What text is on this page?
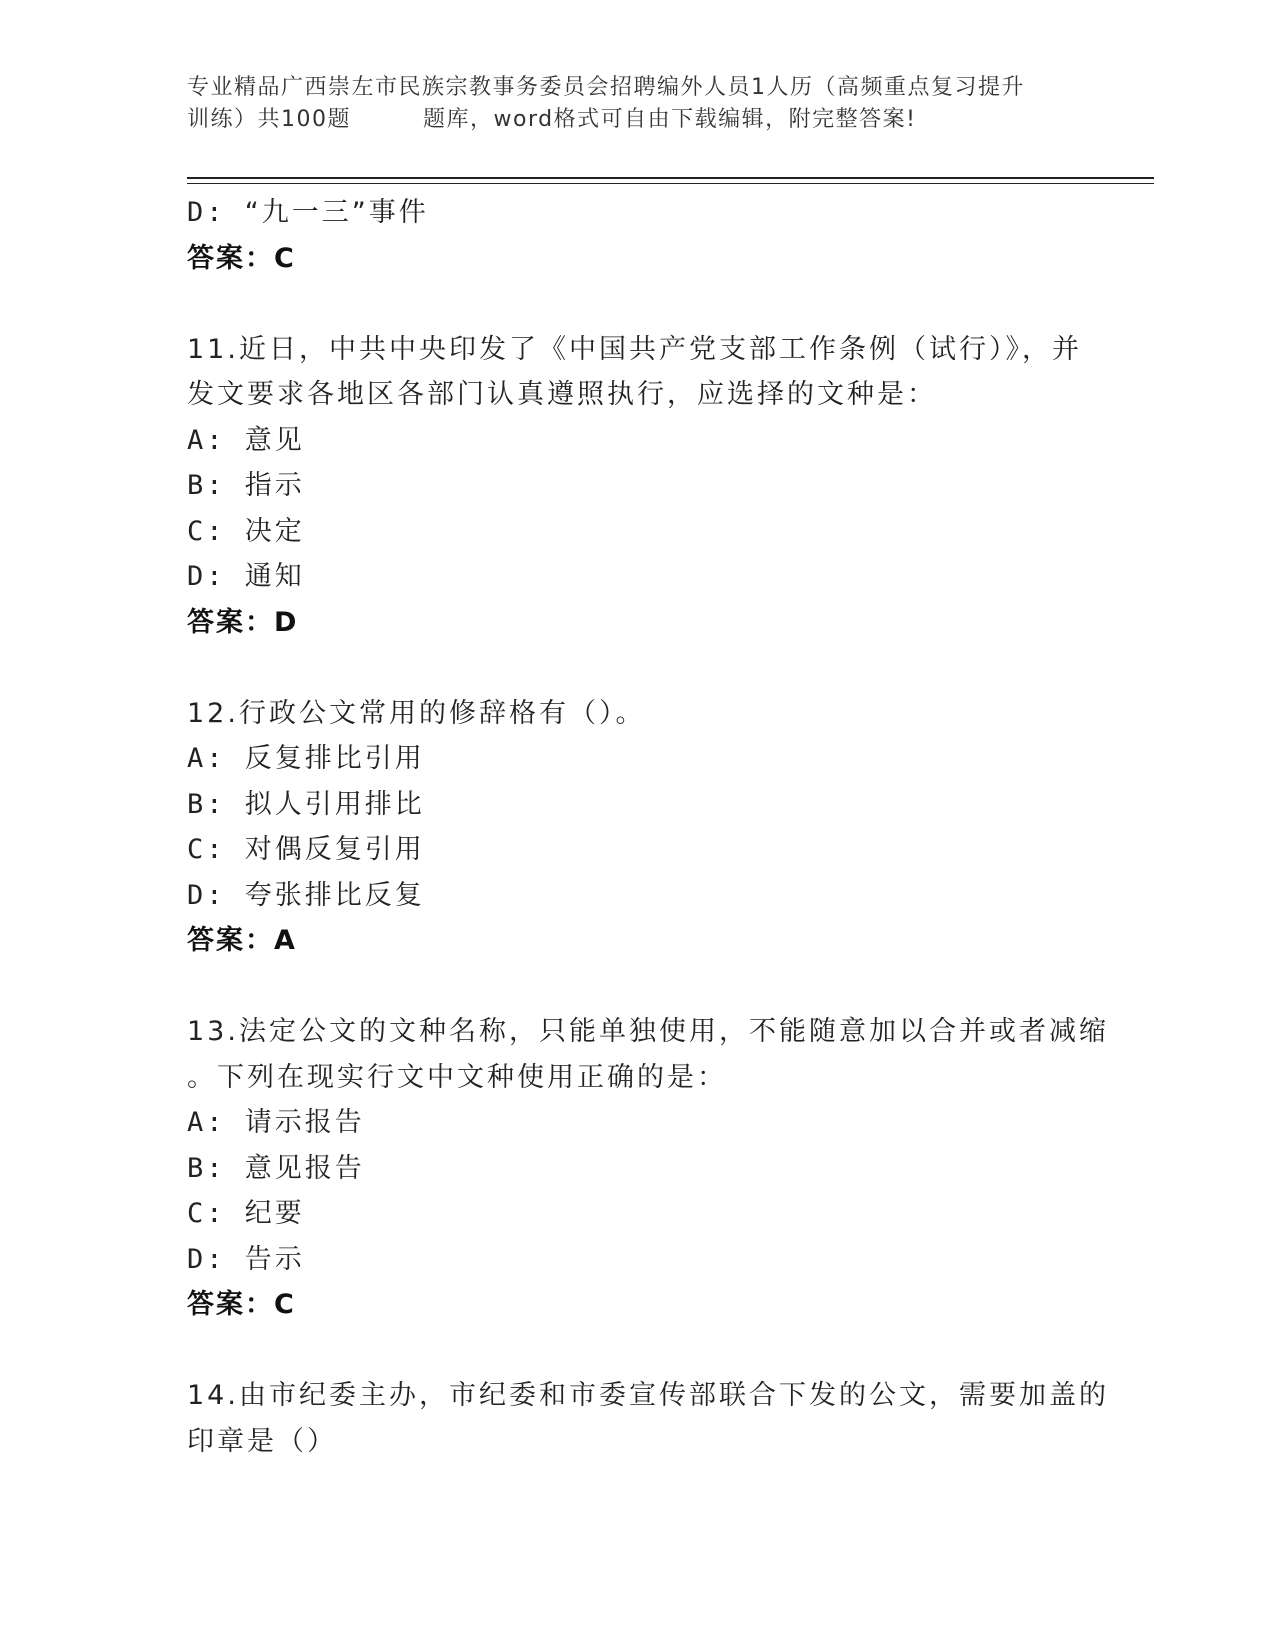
专业精品广西崇左市民族宗教事务委员会招聘编外人员1人历（高频重点复习提升
训练）共100题	题库，word格式可自由下载编辑，附完整答案!
D: “九一三”事件
答案：C
11.近日，中共中央印发了《中国共产党支部工作条例（试行）》，并
发文要求各地区各部门认真遵照执行，应选择的文种是：
A: 意见
B: 指示
C: 决定
D: 通知
答案：D
12.行政公文常用的修辞格有（）。
A: 反复排比引用
B: 拟人引用排比
C: 对偶反复引用
D: 夸张排比反复
答案：A
13.法定公文的文种名称，只能单独使用，不能随意加以合并或者减缩
。下列在现实行文中文种使用正确的是：
A: 请示报告
B: 意见报告
C: 纪要
D: 告示
答案：C
14.由市纪委主办，市纪委和市委宣传部联合下发的公文，需要加盖的
印章是（）
